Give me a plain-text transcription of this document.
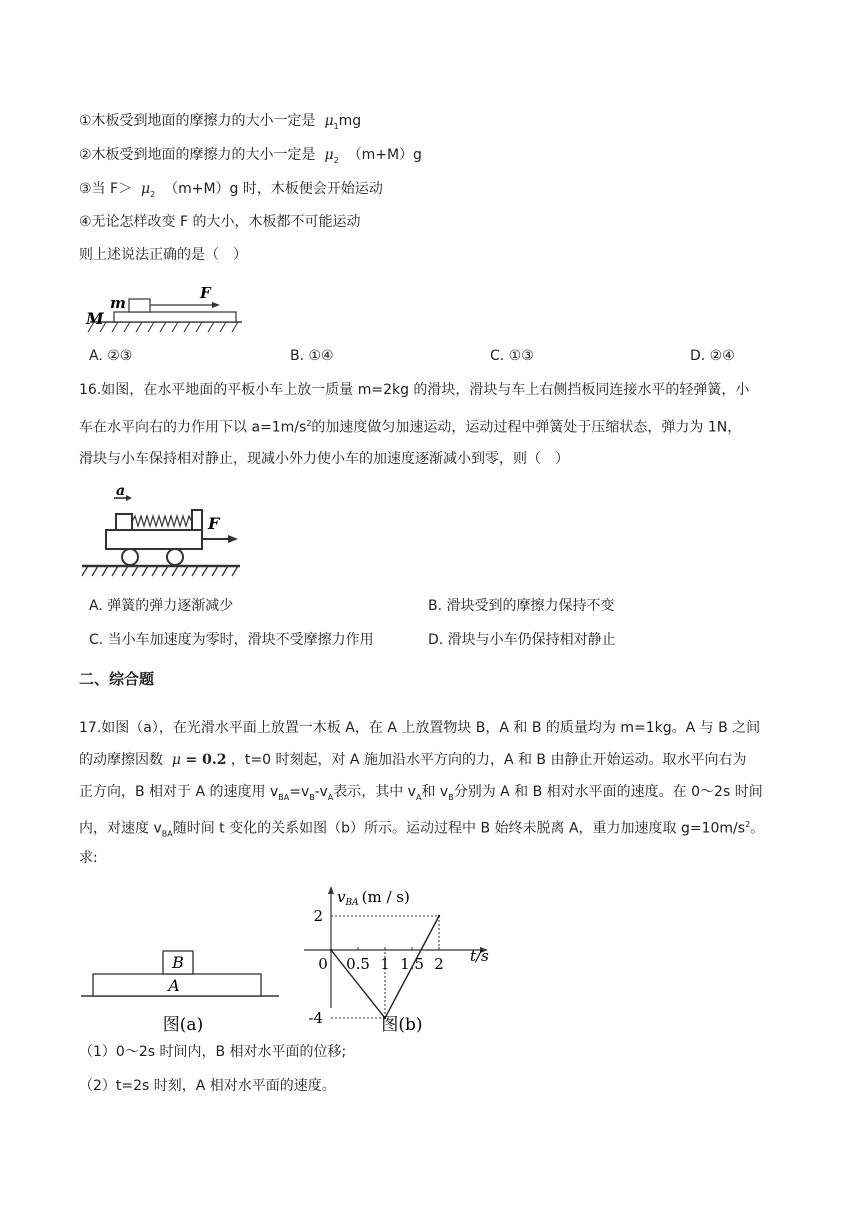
①木板受到地面的摩擦力的大小一定是 $\mu_1mg$
②木板受到地面的摩擦力的大小一定是 $\mu_2$ （m+M）g
③当 $F> \mu_2$ （m+M）g 时，木板便会开始运动
④无论怎样改变 F 的大小，木板都不可能运动
则上述说法正确的是（　）
m
F
M
A. ②③	B. ①④	C. ①③	D. ②④
16.如图，在水平地面的平板小车上放一质量 m=2kg 的滑块，滑块与车上右侧挡板同连接水平的轻弹簧，小
车在水平向右的力作用下以 $a=1m/s^2$的加速度做匀加速运动，运动过程中弹簧处于压缩状态，弹力为 1N，
滑块与小车保持相对静止，现减小外力使小车的加速度逐渐减小到零，则（　）
F
a
A. 弹簧的弹力逐渐减少	B. 滑块受到的摩擦力保持不变
C. 当小车加速度为零时，滑块不受摩擦力作用	D. 滑块与小车仍保持相对静止
二、综合题
17.如图（a），在光滑水平面上放置一木板 A，在 A 上放置物块 B，A 和 B 的质量均为 m=1kg。A 与 B 之间
的动摩擦因数 μ = 0.2 ，t=0 时刻起，对 A 施加沿水平方向的力，A 和 B 由静止开始运动。取水平向右为
正方向，B 相对于 A 的速度用 $v_{BA}=v_B-v_A$表示，其中 $v_A$和 $v_B$分别为 A 和 B 相对水平面的速度。在 0～2s 时间
内，对速度 $v_{BA}$随时间 t 变化的关系如图（b）所示。运动过程中 B 始终未脱离 A，重力加速度取 $g=10m/s^2$。
求:
B
A
图(a)
2
-4
0 0.5 1 1.5 2
$v_{BA}$ (m / s)
t/s
图(b)
（1）0～2s 时间内，B 相对水平面的位移;
（2）t=2s 时刻，A 相对水平面的速度。
